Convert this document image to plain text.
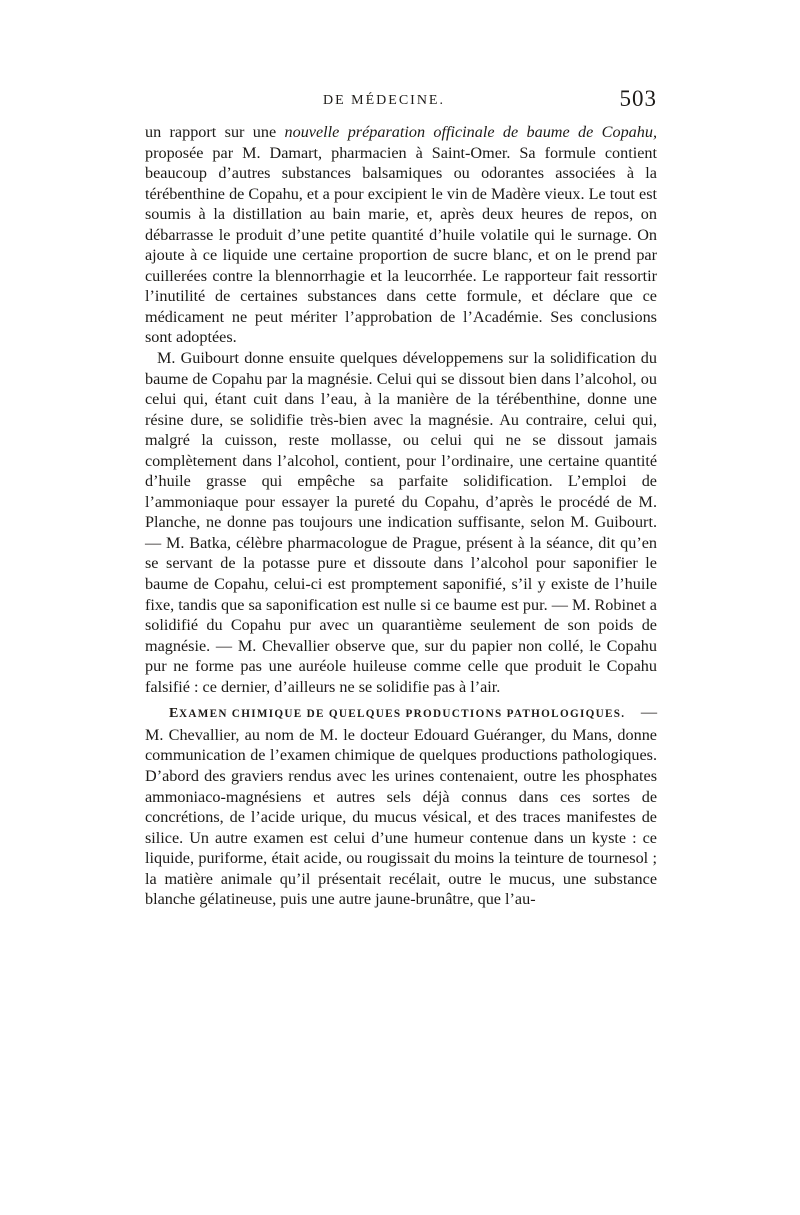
DE MÉDECINE.	503

un rapport sur une nouvelle préparation officinale de baume de Copahu, proposée par M. Damart, pharmacien à Saint-Omer. Sa formule contient beaucoup d’autres substances balsamiques ou odorantes associées à la térébenthine de Copahu, et a pour excipient le vin de Madère vieux. Le tout est soumis à la distillation au bain marie, et, après deux heures de repos, on débarrasse le produit d’une petite quantité d’huile volatile qui le surnage. On ajoute à ce liquide une certaine proportion de sucre blanc, et on le prend par cuillerées contre la blennorrhagie et la leucorrhée. Le rapporteur fait ressortir l’inutilité de certaines substances dans cette formule, et déclare que ce médicament ne peut mériter l’approbation de l’Académie. Ses conclusions sont adoptées.

M. Guibourt donne ensuite quelques développemens sur la solidification du baume de Copahu par la magnésie. Celui qui se dissout bien dans l’alcohol, ou celui qui, étant cuit dans l’eau, à la manière de la térébenthine, donne une résine dure, se solidifie très-bien avec la magnésie. Au contraire, celui qui, malgré la cuisson, reste mollasse, ou celui qui ne se dissout jamais complètement dans l’alcohol, contient, pour l’ordinaire, une certaine quantité d’huile grasse qui empêche sa parfaite solidification. L’emploi de l’ammoniaque pour essayer la pureté du Copahu, d’après le procédé de M. Planche, ne donne pas toujours une indication suffisante, selon M. Guibourt. — M. Batka, célèbre pharmacologue de Prague, présent à la séance, dit qu’en se servant de la potasse pure et dissoute dans l’alcohol pour saponifier le baume de Copahu, celui-ci est promptement saponifié, s’il y existe de l’huile fixe, tandis que sa saponification est nulle si ce baume est pur. — M. Robinet a solidifié du Copahu pur avec un quarantième seulement de son poids de magnésie. — M. Chevallier observe que, sur du papier non collé, le Copahu pur ne forme pas une auréole huileuse comme celle que produit le Copahu falsifié : ce dernier, d’ailleurs ne se solidifie pas à l’air.

EXAMEN CHIMIQUE DE QUELQUES PRODUCTIONS PATHOLOGIQUES. — M. Chevallier, au nom de M. le docteur Edouard Guéranger, du Mans, donne communication de l’examen chimique de quelques productions pathologiques. D’abord des graviers rendus avec les urines contenaient, outre les phosphates ammoniaco-magnésiens et autres sels déjà connus dans ces sortes de concrétions, de l’acide urique, du mucus vésical, et des traces manifestes de silice. Un autre examen est celui d’une humeur contenue dans un kyste : ce liquide, puriforme, était acide, ou rougissait du moins la teinture de tournesol ; la matière animale qu’il présentait recélait, outre le mucus, une substance blanche gélatineuse, puis une autre jaune-brunâtre, que l’au-
